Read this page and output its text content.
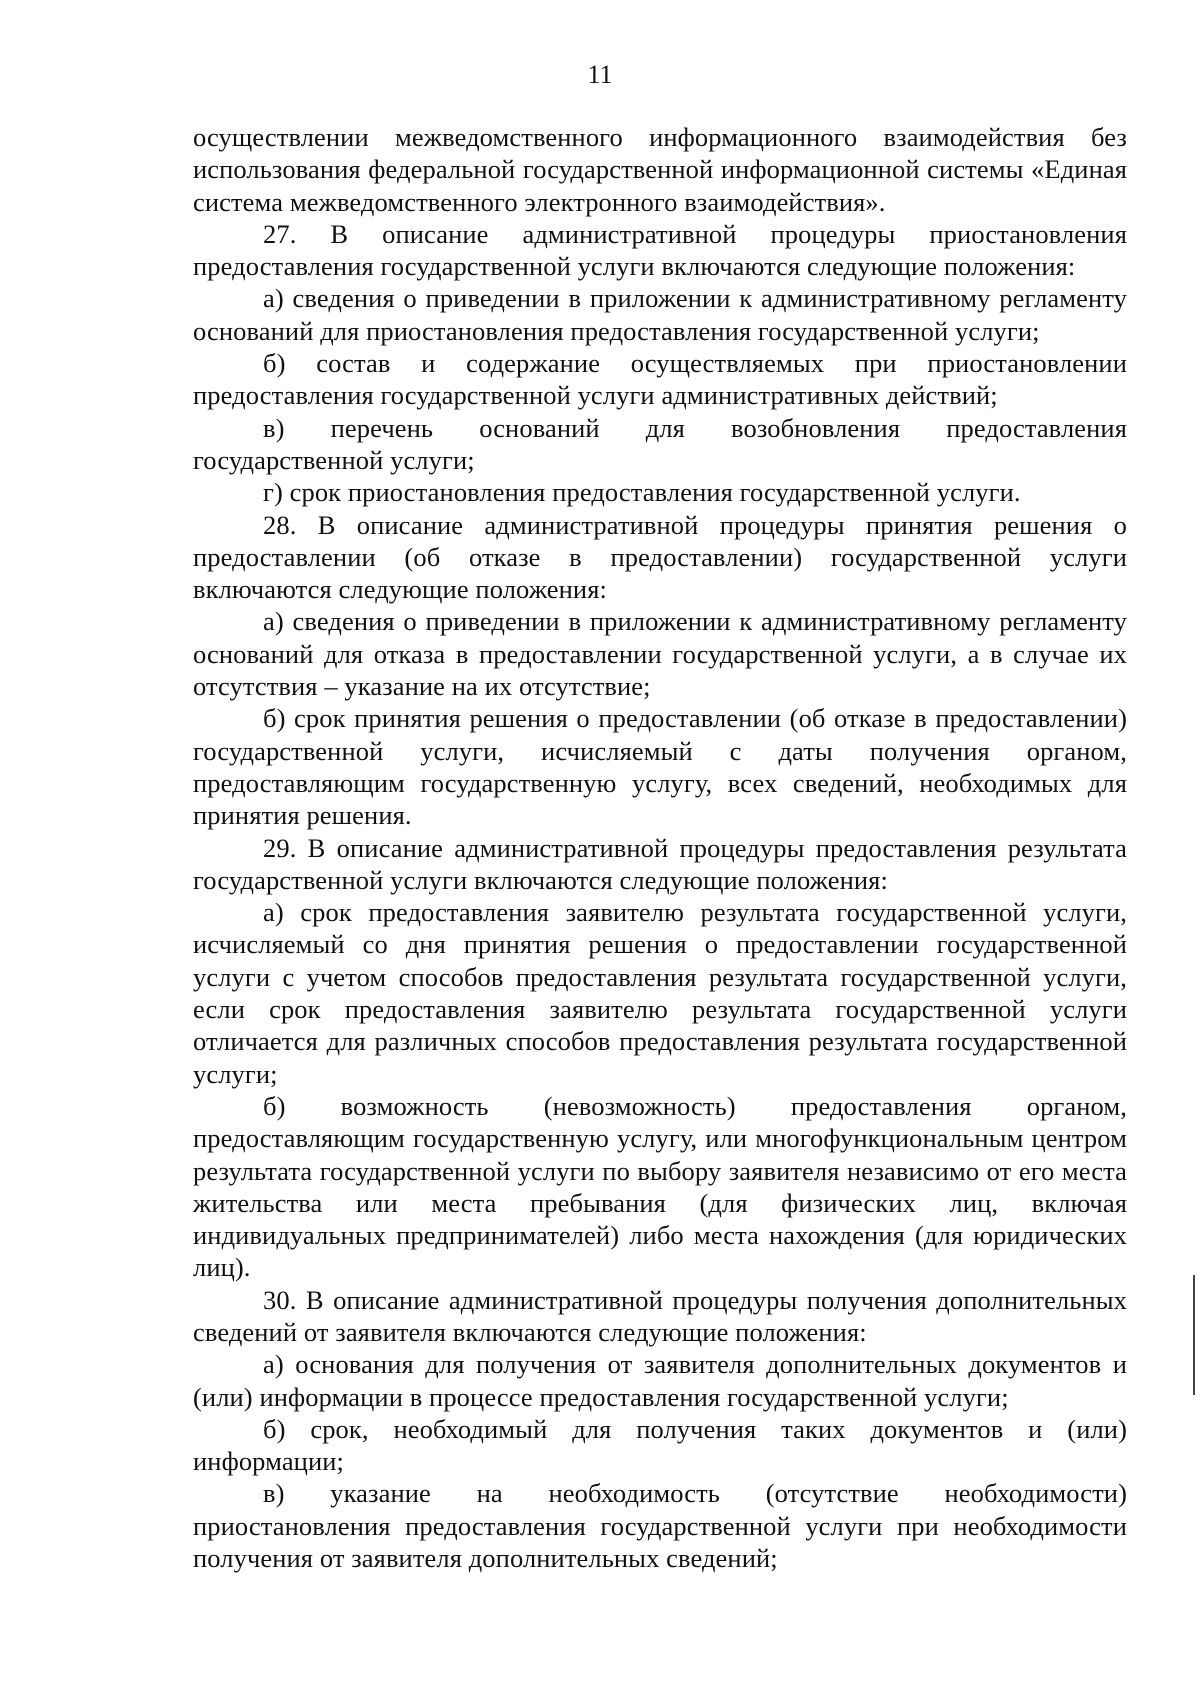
11

осуществлении межведомственного информационного взаимодействия без использования федеральной государственной информационной системы «Единая система межведомственного электронного взаимодействия».

27. В описание административной процедуры приостановления предоставления государственной услуги включаются следующие положения:

а) сведения о приведении в приложении к административному регламенту оснований для приостановления предоставления государственной услуги;

б) состав и содержание осуществляемых при приостановлении предоставления государственной услуги административных действий;

в) перечень оснований для возобновления предоставления государственной услуги;

г) срок приостановления предоставления государственной услуги.

28. В описание административной процедуры принятия решения о предоставлении (об отказе в предоставлении) государственной услуги включаются следующие положения:

а) сведения о приведении в приложении к административному регламенту оснований для отказа в предоставлении государственной услуги, а в случае их отсутствия – указание на их отсутствие;

б) срок принятия решения о предоставлении (об отказе в предоставлении) государственной услуги, исчисляемый с даты получения органом, предоставляющим государственную услугу, всех сведений, необходимых для принятия решения.

29. В описание административной процедуры предоставления результата государственной услуги включаются следующие положения:

а) срок предоставления заявителю результата государственной услуги, исчисляемый со дня принятия решения о предоставлении государственной услуги с учетом способов предоставления результата государственной услуги, если срок предоставления заявителю результата государственной услуги отличается для различных способов предоставления результата государственной услуги;

б) возможность (невозможность) предоставления органом, предоставляющим государственную услугу, или многофункциональным центром результата государственной услуги по выбору заявителя независимо от его места жительства или места пребывания (для физических лиц, включая индивидуальных предпринимателей) либо места нахождения (для юридических лиц).

30. В описание административной процедуры получения дополнительных сведений от заявителя включаются следующие положения:

а) основания для получения от заявителя дополнительных документов и (или) информации в процессе предоставления государственной услуги;

б) срок, необходимый для получения таких документов и (или) информации;

в) указание на необходимость (отсутствие необходимости) приостановления предоставления государственной услуги при необходимости получения от заявителя дополнительных сведений;
